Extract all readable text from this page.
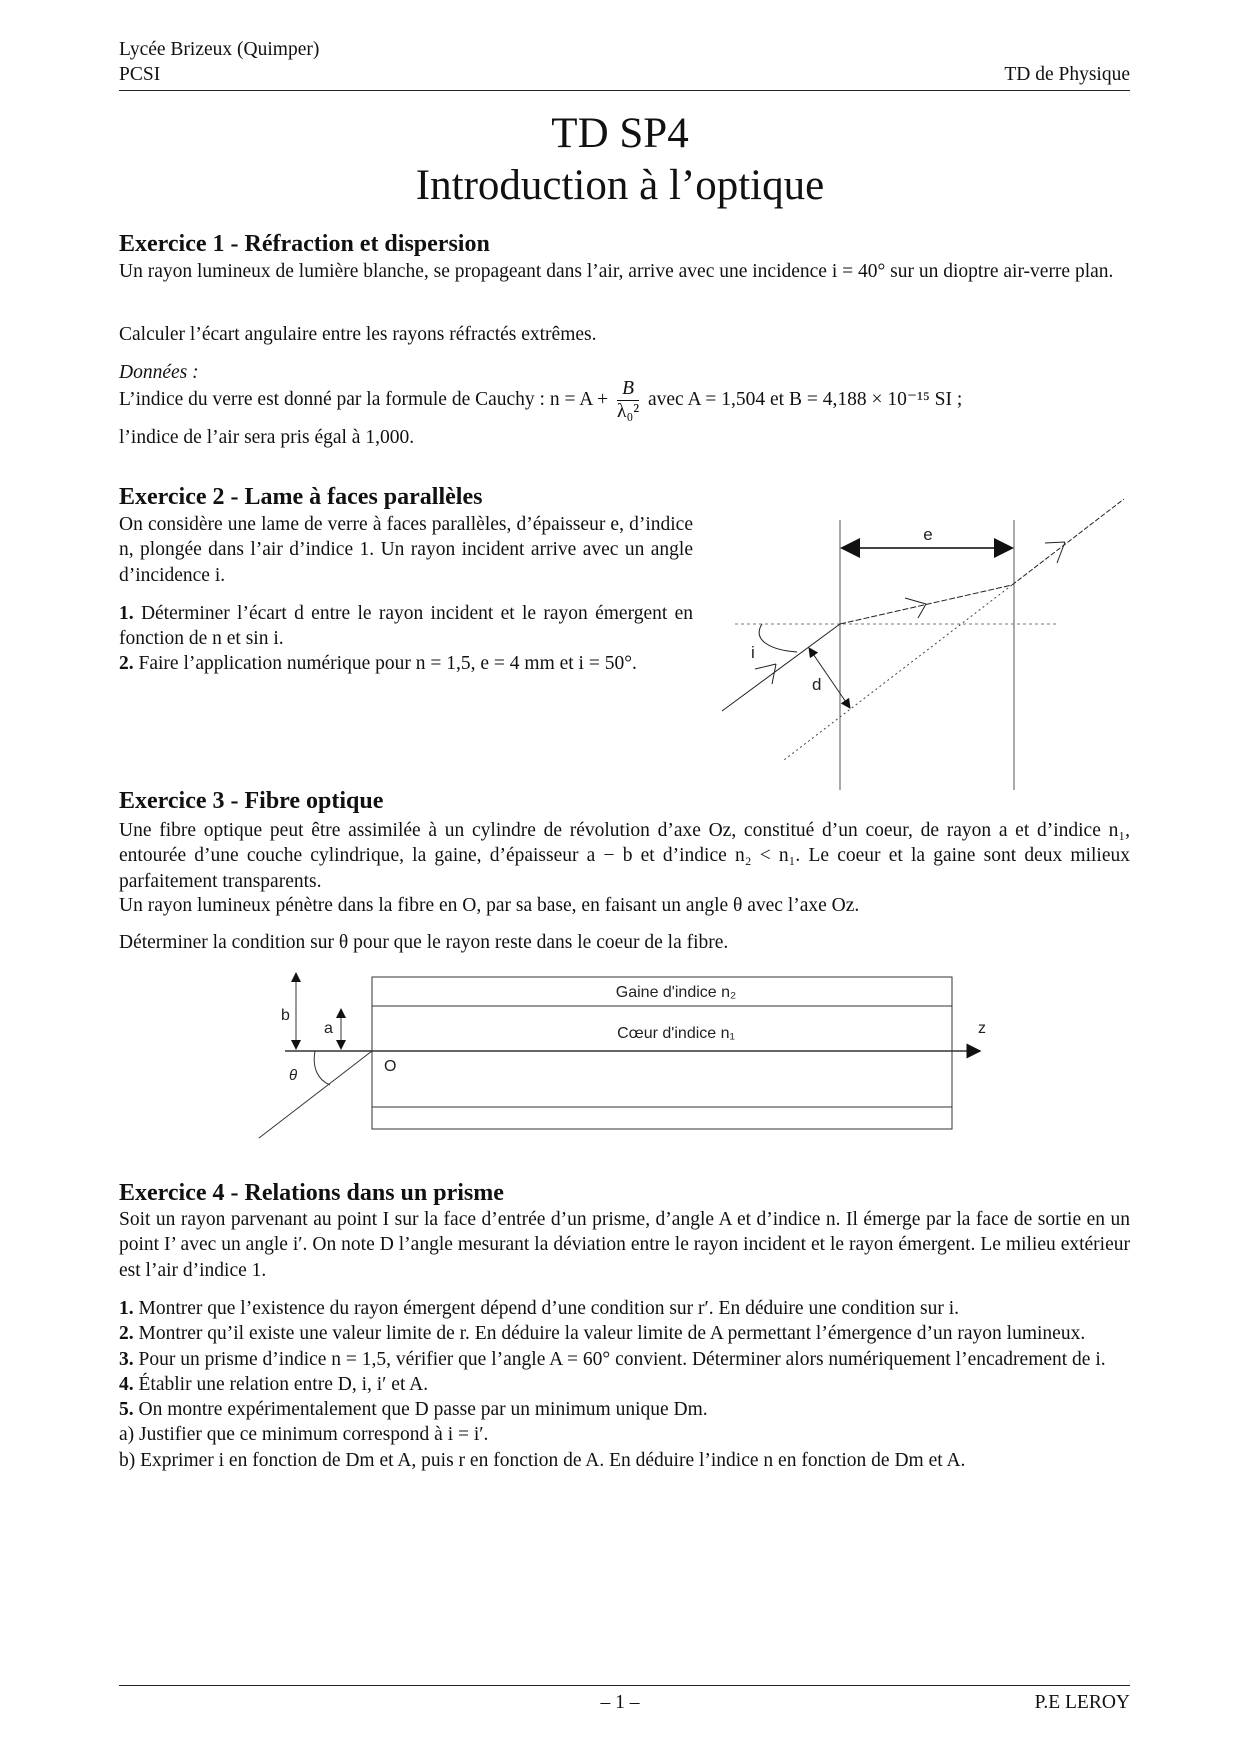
Lycée Brizeux (Quimper)
PCSI	TD de Physique
TD SP4
Introduction à l’optique
Exercice 1 - Réfraction et dispersion
Un rayon lumineux de lumière blanche, se propageant dans l’air, arrive avec une incidence i = 40° sur un dioptre air-verre plan.
Calculer l’écart angulaire entre les rayons réfractés extrêmes.
Données :
L’indice du verre est donné par la formule de Cauchy : $n = A + \frac{B}{\text{λ₀²}}$ avec A = 1,504 et B = 4,188 × 10⁻¹⁵ SI ;
l’indice de l’air sera pris égal à 1,000.
Exercice 2 - Lame à faces parallèles
On considère une lame de verre à faces parallèles, d’épaisseur e, d’indice n, plongée dans l’air d’indice 1. Un rayon incident arrive avec un angle d’incidence i.
1. Déterminer l’écart d entre le rayon incident et le rayon émergent en fonction de n et sin i.
2. Faire l’application numérique pour n = 1,5, e = 4 mm et i = 50°.
e
i
d
Exercice 3 - Fibre optique
Une fibre optique peut être assimilée à un cylindre de révolution d’axe Oz, constitué d’un coeur, de rayon a et d’indice n₁, entourée d’une couche cylindrique, la gaine, d’épaisseur a − b et d’indice n₂ < n₁. Le coeur et la gaine sont deux milieux parfaitement transparents.
Un rayon lumineux pénètre dans la fibre en O, par sa base, en faisant un angle θ avec l’axe Oz.
Déterminer la condition sur θ pour que le rayon reste dans le coeur de la fibre.
Gaine d'indice n₂
Cœur d'indice n₁
b
a
θ
O
z
Exercice 4 - Relations dans un prisme
Soit un rayon parvenant au point I sur la face d’entrée d’un prisme, d’angle A et d’indice n. Il émerge par la face de sortie en un point I’ avec un angle i′. On note D l’angle mesurant la déviation entre le rayon incident et le rayon émergent. Le milieu extérieur est l’air d’indice 1.
1. Montrer que l’existence du rayon émergent dépend d’une condition sur r′. En déduire une condition sur i.
2. Montrer qu’il existe une valeur limite de r. En déduire la valeur limite de A permettant l’émergence d’un rayon lumineux.
3. Pour un prisme d’indice n = 1,5, vérifier que l’angle A = 60° convient. Déterminer alors numériquement l’encadrement de i.
4. Établir une relation entre D, i, i′ et A.
5. On montre expérimentalement que D passe par un minimum unique Dm.
a) Justifier que ce minimum correspond à i = i′.
b) Exprimer i en fonction de Dm et A, puis r en fonction de A. En déduire l’indice n en fonction de Dm et A.
– 1 –	P.E LEROY
